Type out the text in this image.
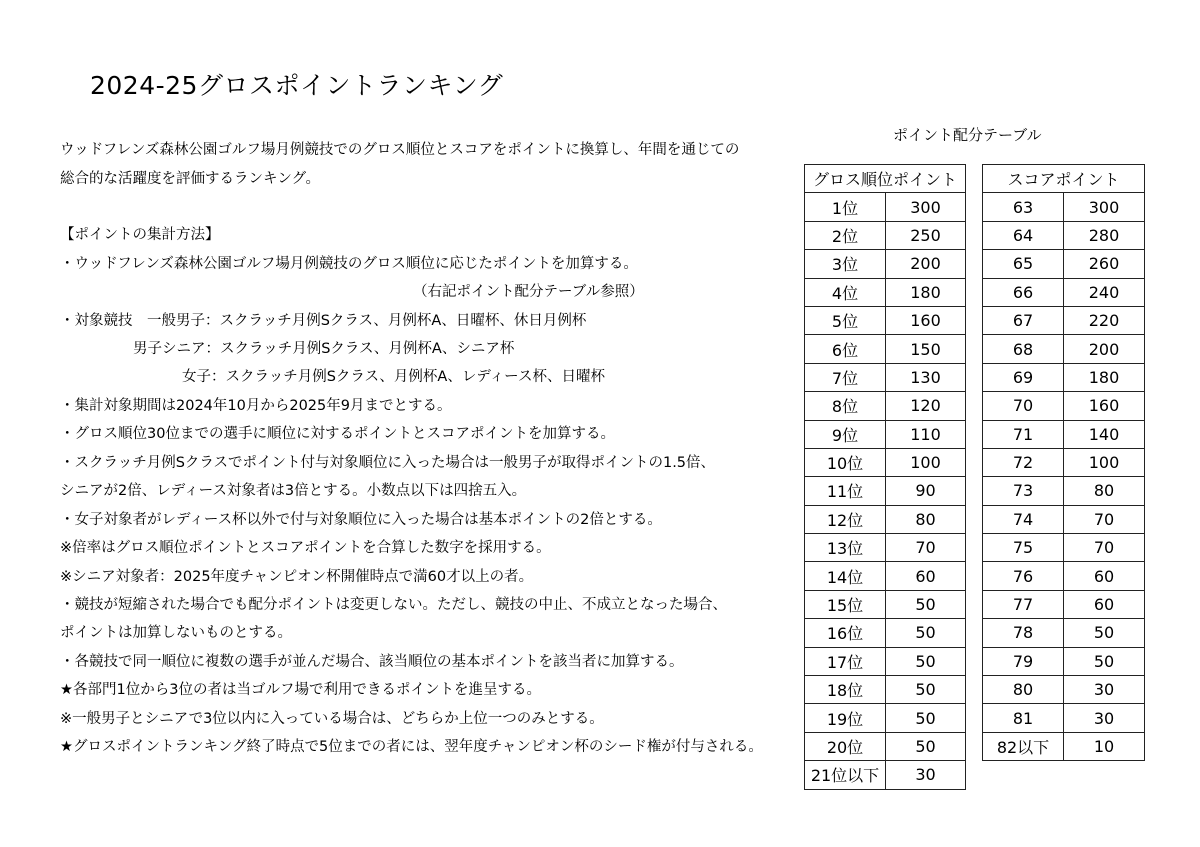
2024-25グロスポイントランキング
ウッドフレンズ森林公園ゴルフ場月例競技でのグロス順位とスコアをポイントに換算し、年間を通じての
総合的な活躍度を評価するランキング。
【ポイントの集計方法】
・ウッドフレンズ森林公園ゴルフ場月例競技のグロス順位に応じたポイントを加算する。
（右記ポイント配分テーブル参照）
・対象競技　一般男子：スクラッチ月例Sクラス、月例杯A、日曜杯、休日月例杯
男子シニア：スクラッチ月例Sクラス、月例杯A、シニア杯
女子：スクラッチ月例Sクラス、月例杯A、レディース杯、日曜杯
・集計対象期間は2024年10月から2025年9月までとする。
・グロス順位30位までの選手に順位に対するポイントとスコアポイントを加算する。
・スクラッチ月例Sクラスでポイント付与対象順位に入った場合は一般男子が取得ポイントの1.5倍、
シニアが2倍、レディース対象者は3倍とする。小数点以下は四捨五入。
・女子対象者がレディース杯以外で付与対象順位に入った場合は基本ポイントの2倍とする。
※倍率はグロス順位ポイントとスコアポイントを合算した数字を採用する。
※シニア対象者：2025年度チャンピオン杯開催時点で満60才以上の者。
・競技が短縮された場合でも配分ポイントは変更しない。ただし、競技の中止、不成立となった場合、
ポイントは加算しないものとする。
・各競技で同一順位に複数の選手が並んだ場合、該当順位の基本ポイントを該当者に加算する。
★各部門1位から3位の者は当ゴルフ場で利用できるポイントを進呈する。
※一般男子とシニアで3位以内に入っている場合は、どちらか上位一つのみとする。
★グロスポイントランキング終了時点で5位までの者には、翌年度チャンピオン杯のシード権が付与される。
ポイント配分テーブル
グロス順位ポイント	
1位	300
2位	250
3位	200
4位	180
5位	160
6位	150
7位	130
8位	120
9位	110
10位	100
11位	90
12位	80
13位	70
14位	60
15位	50
16位	50
17位	50
18位	50
19位	50
20位	50
21位以下	30
スコアポイント	
63	300
64	280
65	260
66	240
67	220
68	200
69	180
70	160
71	140
72	100
73	80
74	70
75	70
76	60
77	60
78	50
79	50
80	30
81	30
82以下	10
